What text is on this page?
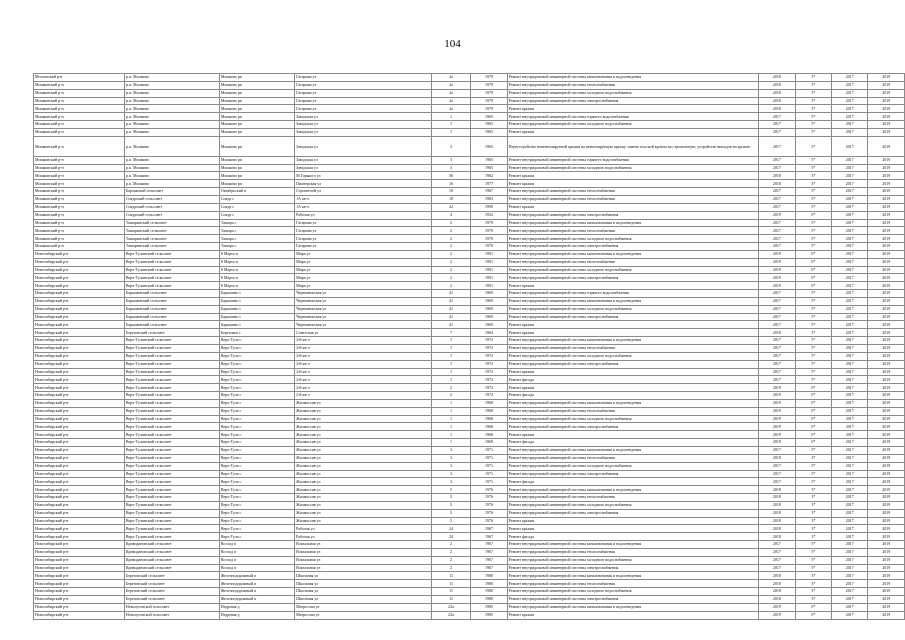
104
Московский р-н	р.п. Мошково	Мошково рп	Гагарина ул	2а	1979	Ремонт внутридомовой инженерной системы канализования и водоотведения	2018	3*	2017	2019
Мошковский р-н	р.п. Мошково	Мошково рп	Гагарина ул	2а	1979	Ремонт внутридомовой инженерной системы теплоснабжения	2018	3*	2017	2019
Мошковский р-н	р.п. Мошково	Мошково рп	Гагарина ул	2а	1979	Ремонт внутридомовой инженерной системы холодного водоснабжения	2018	3*	2017	2019
Мошковский р-н	р.п. Мошково	Мошково рп	Гагарина ул	2а	1979	Ремонт внутридомовой инженерной системы электроснабжения	2018	3*	2017	2019
Мошковский р-н	р.п. Мошково	Мошково рп	Гагарина ул	2а	1979	Ремонт крыши	2018	3*	2017	2019
Мошковский р-н	р.п. Мошково	Мошково рп	Заводская ул	1	1965	Ремонт внутридомовой инженерной системы горячего водоснабжения	2017	5*	2017	2019
Мошковский р-н	р.п. Мошково	Мошково рп	Заводская ул	1	1965	Ремонт внутридомовой инженерной системы холодного водоснабжения	2017	5*	2017	2019
Мошковский р-н	р.п. Мошково	Мошково рп	Заводская ул	1	1965	Ремонт крыши	2017	5*	2017	2019
Мошковский р-н	р.п. Мошково	Мошково рп	Заводская ул	3	1965	Переустройство невентилируемой крыши на вентилируемую крышу, замена плоской кровли на стропильную, устройство выходов на кровлю	2017	5*	2017	2019
Мошковский р-н	р.п. Мошково	Мошково рп	Заводская ул	3	1965	Ремонт внутридомовой инженерной системы горячего водоснабжения	2017	5*	2017	2019
Мошковский р-н	р.п. Мошково	Мошково рп	Заводская ул	3	1965	Ремонт внутридомовой инженерной системы холодного водоснабжения	2017	5*	2017	2019
Мошковский р-н	р.п. Мошково	Мошково рп	М.Горького ул	36	1982	Ремонт крыши	2018	3*	2017	2019
Мошковский р-н	р.п. Мошково	Мошково рп	Пионерская ул	16	1977	Ремонт крыши	2018	3*	2017	2019
Мошковский р-н	Барлакский сельсовет	Октябрьский п	Строителей ул	10	1967	Ремонт внутридомовой инженерной системы теплоснабжения	2017	5*	2017	2019
Мошковский р-н	Сокурский сельсовет	Сокур с	1А кв-л	18	1983	Ремонт внутридомовой инженерной системы теплоснабжения	2017	5*	2017	2019
Мошковский р-н	Сокурский сельсовет	Сокур с	1А кв-л	22	1990	Ремонт крыши	2017	5*	2017	2019
Мошковский р-н	Сокурский сельсовет	Сокур с	Рабочая ул	4	1932	Ремонт внутридомовой инженерной системы электроснабжения	2019	0*	2017	2019
Мошковский р-н	Ташаринский сельсовет	Ташара с	Гагарина ул	2	1970	Ремонт внутридомовой инженерной системы канализования и водоотведения	2017	5*	2017	2019
Мошковский р-н	Ташаринский сельсовет	Ташара с	Гагарина ул	2	1970	Ремонт внутридомовой инженерной системы теплоснабжения	2017	5*	2017	2019
Мошковский р-н	Ташаринский сельсовет	Ташара с	Гагарина ул	2	1970	Ремонт внутридомовой инженерной системы холодного водоснабжения	2017	5*	2017	2019
Мошковский р-н	Ташаринский сельсовет	Ташара с	Гагарина ул	2	1970	Ремонт внутридомовой инженерной системы электроснабжения	2017	5*	2017	2019
Новосибирский р-н	Верх-Тулинский сельсовет	8 Марта п	Мира ул	2	1991	Ремонт внутридомовой инженерной системы канализования и водоотведения	2019	0*	2017	2019
Новосибирский р-н	Верх-Тулинский сельсовет	8 Марта п	Мира ул	2	1991	Ремонт внутридомовой инженерной системы теплоснабжения	2019	0*	2017	2019
Новосибирский р-н	Верх-Тулинский сельсовет	8 Марта п	Мира ул	2	1991	Ремонт внутридомовой инженерной системы холодного водоснабжения	2019	0*	2017	2019
Новосибирский р-н	Верх-Тулинский сельсовет	8 Марта п	Мира ул	2	1991	Ремонт внутридомовой инженерной системы электроснабжения	2019	0*	2017	2019
Новосибирский р-н	Верх-Тулинский сельсовет	8 Марта п	Мира ул	2	1991	Ремонт крыши	2019	0*	2017	2019
Новосибирский р-н	Барышевский сельсовет	Барышево с	Черепановская ул	41	1969	Ремонт внутридомовой инженерной системы горячего водоснабжения	2017	5*	2017	2019
Новосибирский р-н	Барышевский сельсовет	Барышево с	Черепановская ул	41	1969	Ремонт внутридомовой инженерной системы канализования и водоотведения	2017	5*	2017	2019
Новосибирский р-н	Барышевский сельсовет	Барышево с	Черепановская ул	41	1969	Ремонт внутридомовой инженерной системы холодного водоснабжения	2017	5*	2017	2019
Новосибирский р-н	Барышевский сельсовет	Барышево с	Черепановская ул	41	1969	Ремонт внутридомовой инженерной системы электроснабжения	2017	5*	2017	2019
Новосибирский р-н	Барышевский сельсовет	Барышево с	Черепановская ул	41	1969	Ремонт крыши	2017	5*	2017	2019
Новосибирский р-н	Березовский сельсовет	Березовка с	Советская ул	7	1964	Ремонт крыши	2018	3*	2017	2019
Новосибирский р-н	Верх-Тулинский сельсовет	Верх-Тула с	2-й кв-л	1	1972	Ремонт внутридомовой инженерной системы канализования и водоотведения	2017	5*	2017	2019
Новосибирский р-н	Верх-Тулинский сельсовет	Верх-Тула с	2-й кв-л	1	1972	Ремонт внутридомовой инженерной системы теплоснабжения	2017	5*	2017	2019
Новосибирский р-н	Верх-Тулинский сельсовет	Верх-Тула с	2-й кв-л	1	1972	Ремонт внутридомовой инженерной системы холодного водоснабжения	2017	5*	2017	2019
Новосибирский р-н	Верх-Тулинский сельсовет	Верх-Тула с	2-й кв-л	1	1972	Ремонт внутридомовой инженерной системы электроснабжения	2017	5*	2017	2019
Новосибирский р-н	Верх-Тулинский сельсовет	Верх-Тула с	2-й кв-л	1	1972	Ремонт крыши	2017	5*	2017	2019
Новосибирский р-н	Верх-Тулинский сельсовет	Верх-Тула с	2-й кв-л	1	1972	Ремонт фасада	2017	5*	2017	2019
Новосибирский р-н	Верх-Тулинский сельсовет	Верх-Тула с	2-й кв-л	2	1972	Ремонт крыши	2019	0*	2017	2019
Новосибирский р-н	Верх-Тулинский сельсовет	Верх-Тула с	2-й кв-л	2	1972	Ремонт фасада	2019	0*	2017	2019
Новосибирский р-н	Верх-Тулинский сельсовет	Верх-Тула с	Жилмассив ул	1	1968	Ремонт внутридомовой инженерной системы канализования и водоотведения	2019	0*	2017	2019
Новосибирский р-н	Верх-Тулинский сельсовет	Верх-Тула с	Жилмассив ул	1	1968	Ремонт внутридомовой инженерной системы теплоснабжения	2019	0*	2017	2019
Новосибирский р-н	Верх-Тулинский сельсовет	Верх-Тула с	Жилмассив ул	1	1968	Ремонт внутридомовой инженерной системы холодного водоснабжения	2019	0*	2017	2019
Новосибирский р-н	Верх-Тулинский сельсовет	Верх-Тула с	Жилмассив ул	1	1968	Ремонт внутридомовой инженерной системы электроснабжения	2019	0*	2017	2019
Новосибирский р-н	Верх-Тулинский сельсовет	Верх-Тула с	Жилмассив ул	1	1968	Ремонт крыши	2019	0*	2017	2019
Новосибирский р-н	Верх-Тулинский сельсовет	Верх-Тула с	Жилмассив ул	1	1968	Ремонт фасада	2019	0*	2017	2019
Новосибирский р-н	Верх-Тулинский сельсовет	Верх-Тула с	Жилмассив ул	3	1971	Ремонт внутридомовой инженерной системы канализования и водоотведения	2017	5*	2017	2019
Новосибирский р-н	Верх-Тулинский сельсовет	Верх-Тула с	Жилмассив ул	3	1971	Ремонт внутридомовой инженерной системы теплоснабжения	2018	3*	2017	2019
Новосибирский р-н	Верх-Тулинский сельсовет	Верх-Тула с	Жилмассив ул	3	1971	Ремонт внутридомовой инженерной системы холодного водоснабжения	2017	5*	2017	2019
Новосибирский р-н	Верх-Тулинский сельсовет	Верх-Тула с	Жилмассив ул	3	1971	Ремонт внутридомовой инженерной системы электроснабжения	2017	5*	2017	2019
Новосибирский р-н	Верх-Тулинский сельсовет	Верх-Тула с	Жилмассив ул	3	1971	Ремонт фасада	2017	5*	2017	2019
Новосибирский р-н	Верх-Тулинский сельсовет	Верх-Тула с	Жилмассив ул	5	1976	Ремонт внутридомовой инженерной системы канализования и водоотведения	2018	3*	2017	2019
Новосибирский р-н	Верх-Тулинский сельсовет	Верх-Тула с	Жилмассив ул	5	1976	Ремонт внутридомовой инженерной системы теплоснабжения	2018	3*	2017	2019
Новосибирский р-н	Верх-Тулинский сельсовет	Верх-Тула с	Жилмассив ул	5	1976	Ремонт внутридомовой инженерной системы холодного водоснабжения	2018	3*	2017	2019
Новосибирский р-н	Верх-Тулинский сельсовет	Верх-Тула с	Жилмассив ул	5	1976	Ремонт внутридомовой инженерной системы электроснабжения	2018	3*	2017	2019
Новосибирский р-н	Верх-Тулинский сельсовет	Верх-Тула с	Жилмассив ул	5	1976	Ремонт крыши	2018	3*	2017	2019
Новосибирский р-н	Верх-Тулинский сельсовет	Верх-Тула с	Рабочая ул	24	1967	Ремонт крыши	2018	3*	2017	2019
Новосибирский р-н	Верх-Тулинский сельсовет	Верх-Тула с	Рабочая ул	24	1967	Ремонт фасада	2018	3*	2017	2019
Новосибирский р-н	Криводановский сельсовет	Восход п	Вокзальная ул	2	1967	Ремонт внутридомовой инженерной системы канализования и водоотведения	2017	5*	2017	2019
Новосибирский р-н	Криводановский сельсовет	Восход п	Вокзальная ул	2	1967	Ремонт внутридомовой инженерной системы теплоснабжения	2017	5*	2017	2019
Новосибирский р-н	Криводановский сельсовет	Восход п	Вокзальная ул	2	1967	Ремонт внутридомовой инженерной системы холодного водоснабжения	2017	5*	2017	2019
Новосибирский р-н	Криводановский сельсовет	Восход п	Вокзальная ул	2	1967	Ремонт внутридомовой инженерной системы электроснабжения	2017	5*	2017	2019
Новосибирский р-н	Березовский сельсовет	Железнодорожный п	Школьная ул	11	1980	Ремонт внутридомовой инженерной системы канализования и водоотведения	2018	3*	2017	2019
Новосибирский р-н	Березовский сельсовет	Железнодорожный п	Школьная ул	11	1980	Ремонт внутридомовой инженерной системы теплоснабжения	2018	3*	2017	2019
Новосибирский р-н	Березовский сельсовет	Железнодорожный п	Школьная ул	11	1980	Ремонт внутридомовой инженерной системы холодного водоснабжения	2018	3*	2017	2019
Новосибирский р-н	Березовский сельсовет	Железнодорожный п	Школьная ул	11	1980	Ремонт внутридомовой инженерной системы электроснабжения	2018	3*	2017	2019
Новосибирский р-н	Новолуговской сельсовет	Издревая д	Матросова ул	23а	1985	Ремонт внутридомовой инженерной системы канализования и водоотведения	2019	0*	2017	2019
Новосибирский р-н	Новолуговской сельсовет	Издревая д	Матросова ул	23а	1985	Ремонт крыши	2019	0*	2017	2019
